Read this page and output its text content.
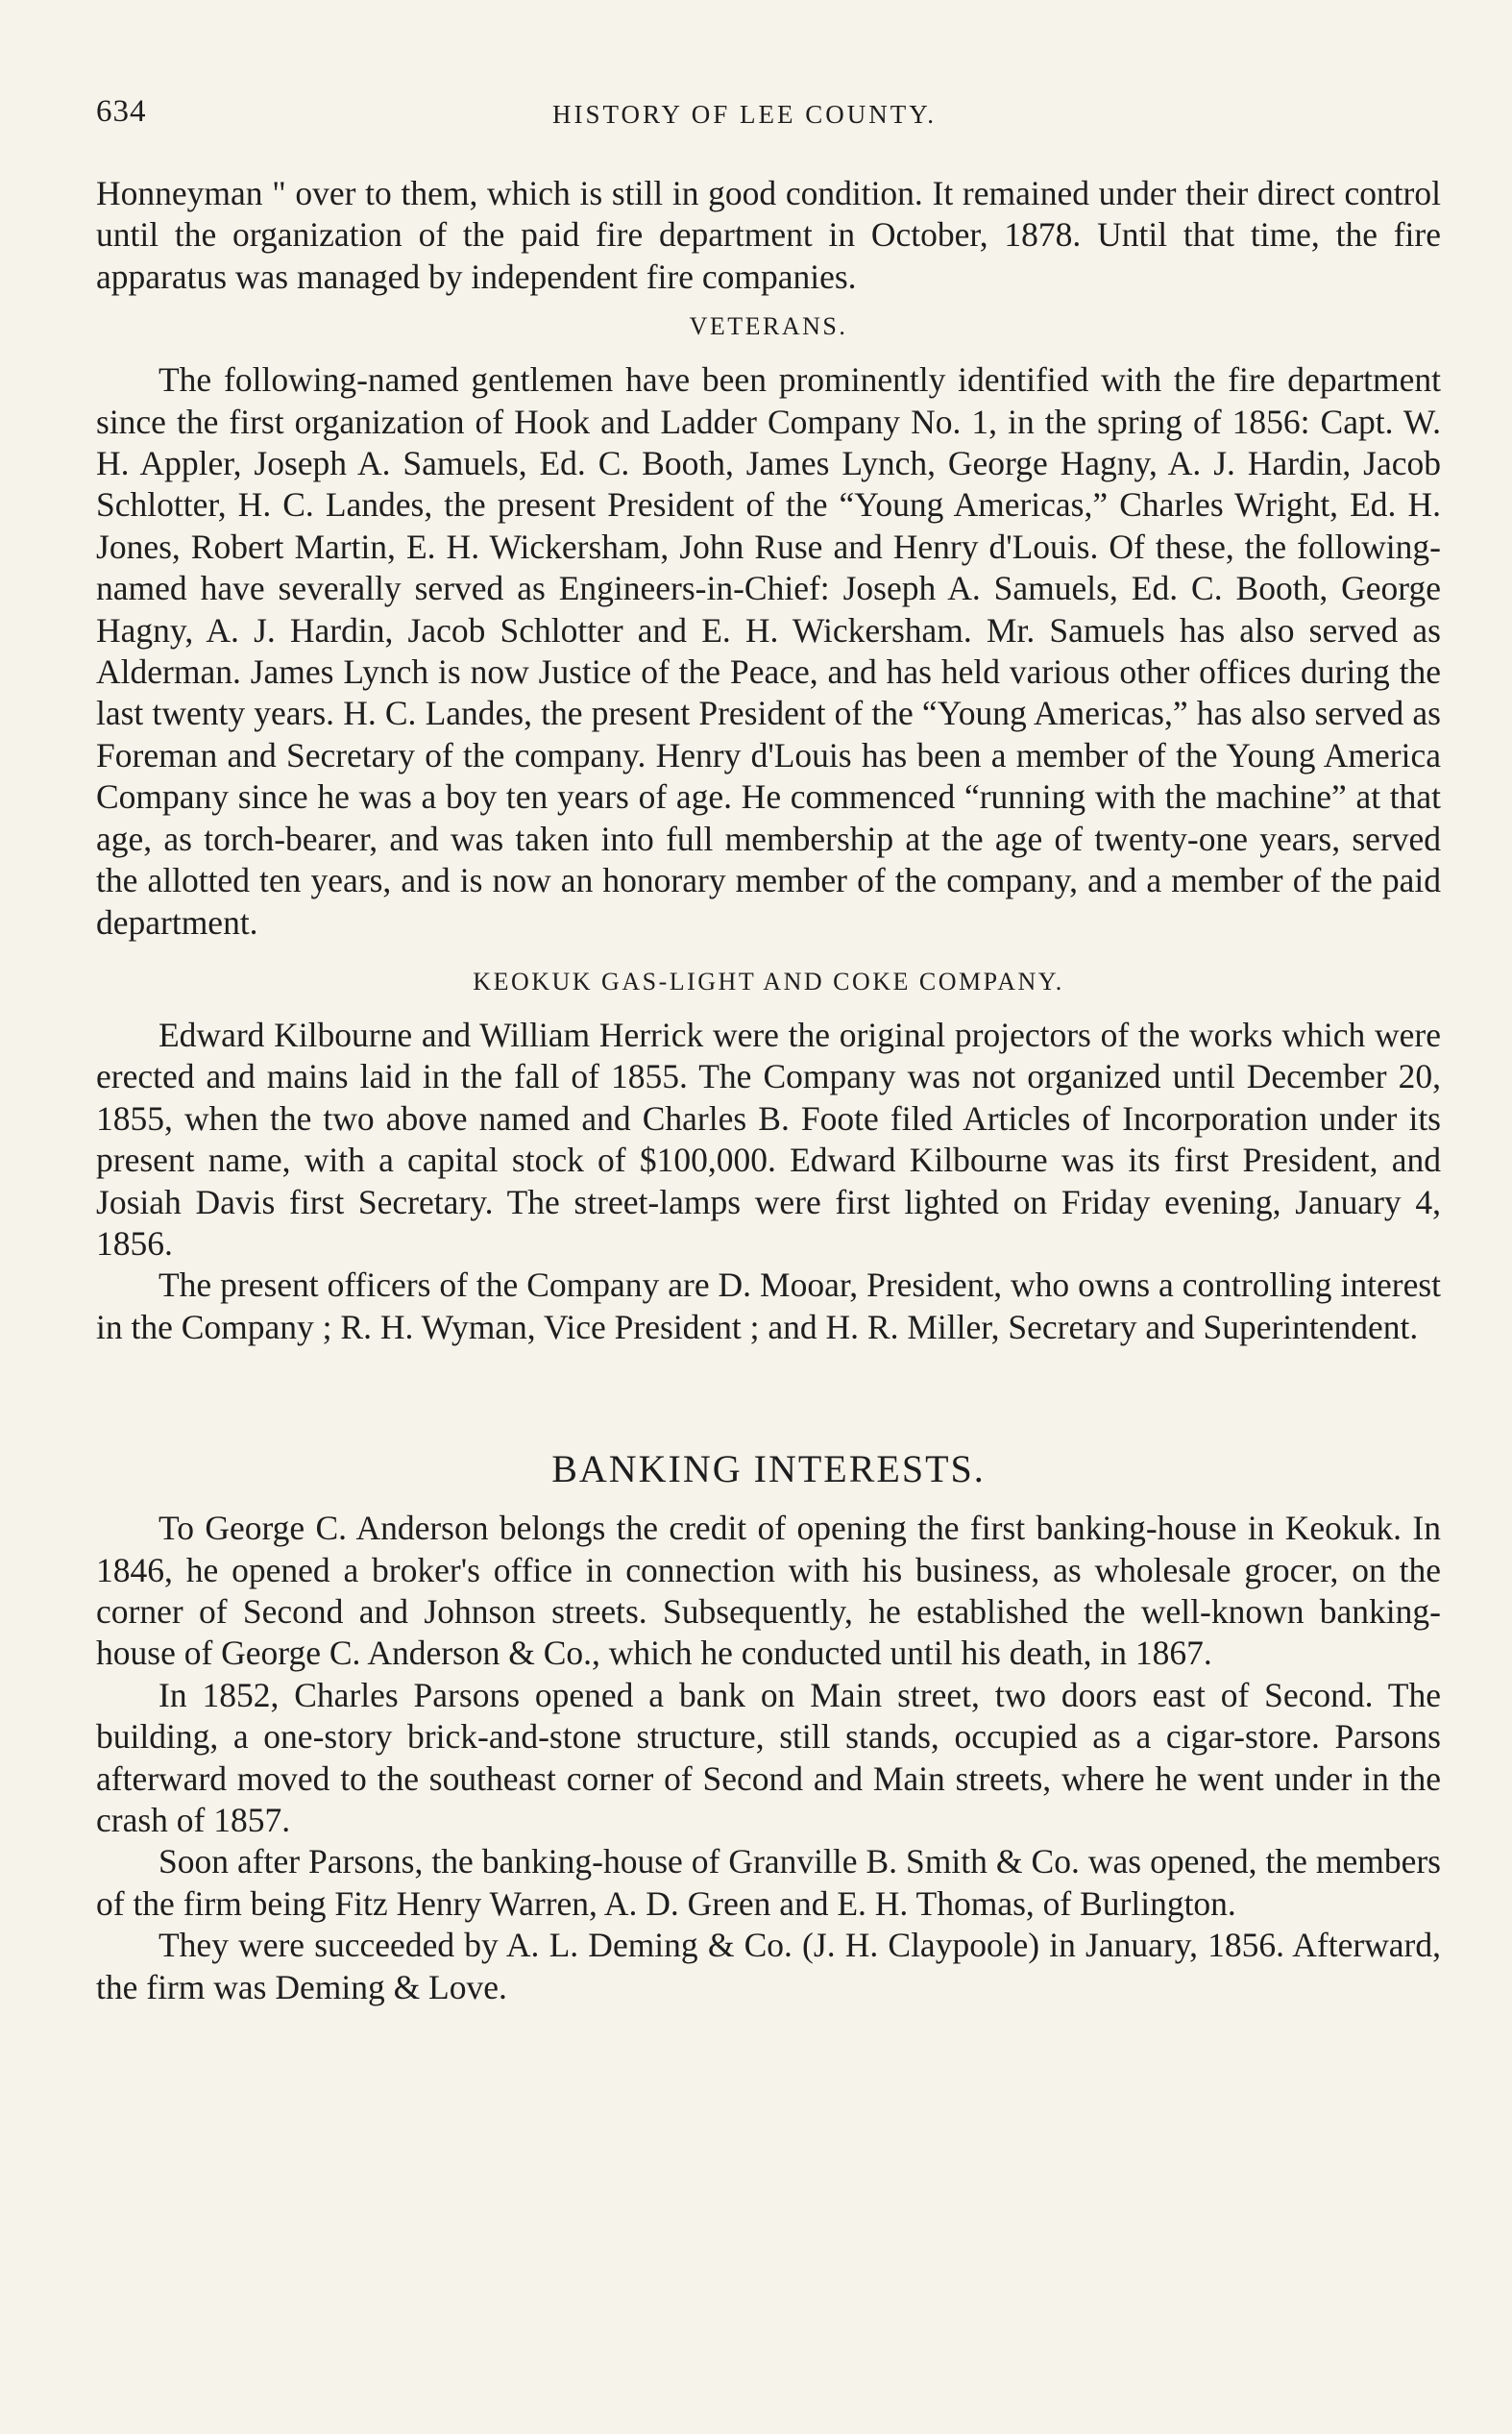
634	HISTORY OF LEE COUNTY.

Honneyman " over to them, which is still in good condition. It remained under their direct control until the organization of the paid fire department in October, 1878. Until that time, the fire apparatus was managed by independent fire companies.

VETERANS.

The following-named gentlemen have been prominently identified with the fire department since the first organization of Hook and Ladder Company No. 1, in the spring of 1856: Capt. W. H. Appler, Joseph A. Samuels, Ed. C. Booth, James Lynch, George Hagny, A. J. Hardin, Jacob Schlotter, H. C. Landes, the present President of the “Young Americas,” Charles Wright, Ed. H. Jones, Robert Martin, E. H. Wickersham, John Ruse and Henry d'Louis. Of these, the following-named have severally served as Engineers-in-Chief: Joseph A. Samuels, Ed. C. Booth, George Hagny, A. J. Hardin, Jacob Schlotter and E. H. Wickersham. Mr. Samuels has also served as Alderman. James Lynch is now Justice of the Peace, and has held various other offices during the last twenty years. H. C. Landes, the present President of the “Young Americas,” has also served as Foreman and Secretary of the company. Henry d'Louis has been a member of the Young America Company since he was a boy ten years of age. He commenced “running with the machine” at that age, as torch-bearer, and was taken into full membership at the age of twenty-one years, served the allotted ten years, and is now an honorary member of the company, and a member of the paid department.

KEOKUK GAS-LIGHT AND COKE COMPANY.

Edward Kilbourne and William Herrick were the original projectors of the works which were erected and mains laid in the fall of 1855. The Company was not organized until December 20, 1855, when the two above named and Charles B. Foote filed Articles of Incorporation under its present name, with a capital stock of $100,000. Edward Kilbourne was its first President, and Josiah Davis first Secretary. The street-lamps were first lighted on Friday evening, January 4, 1856.

The present officers of the Company are D. Mooar, President, who owns a controlling interest in the Company ; R. H. Wyman, Vice President ; and H. R. Miller, Secretary and Superintendent.

BANKING INTERESTS.

To George C. Anderson belongs the credit of opening the first banking-house in Keokuk. In 1846, he opened a broker's office in connection with his business, as wholesale grocer, on the corner of Second and Johnson streets. Subsequently, he established the well-known banking-house of George C. Anderson & Co., which he conducted until his death, in 1867.

In 1852, Charles Parsons opened a bank on Main street, two doors east of Second. The building, a one-story brick-and-stone structure, still stands, occupied as a cigar-store. Parsons afterward moved to the southeast corner of Second and Main streets, where he went under in the crash of 1857.

Soon after Parsons, the banking-house of Granville B. Smith & Co. was opened, the members of the firm being Fitz Henry Warren, A. D. Green and E. H. Thomas, of Burlington.

They were succeeded by A. L. Deming & Co. (J. H. Claypoole) in January, 1856. Afterward, the firm was Deming & Love.
